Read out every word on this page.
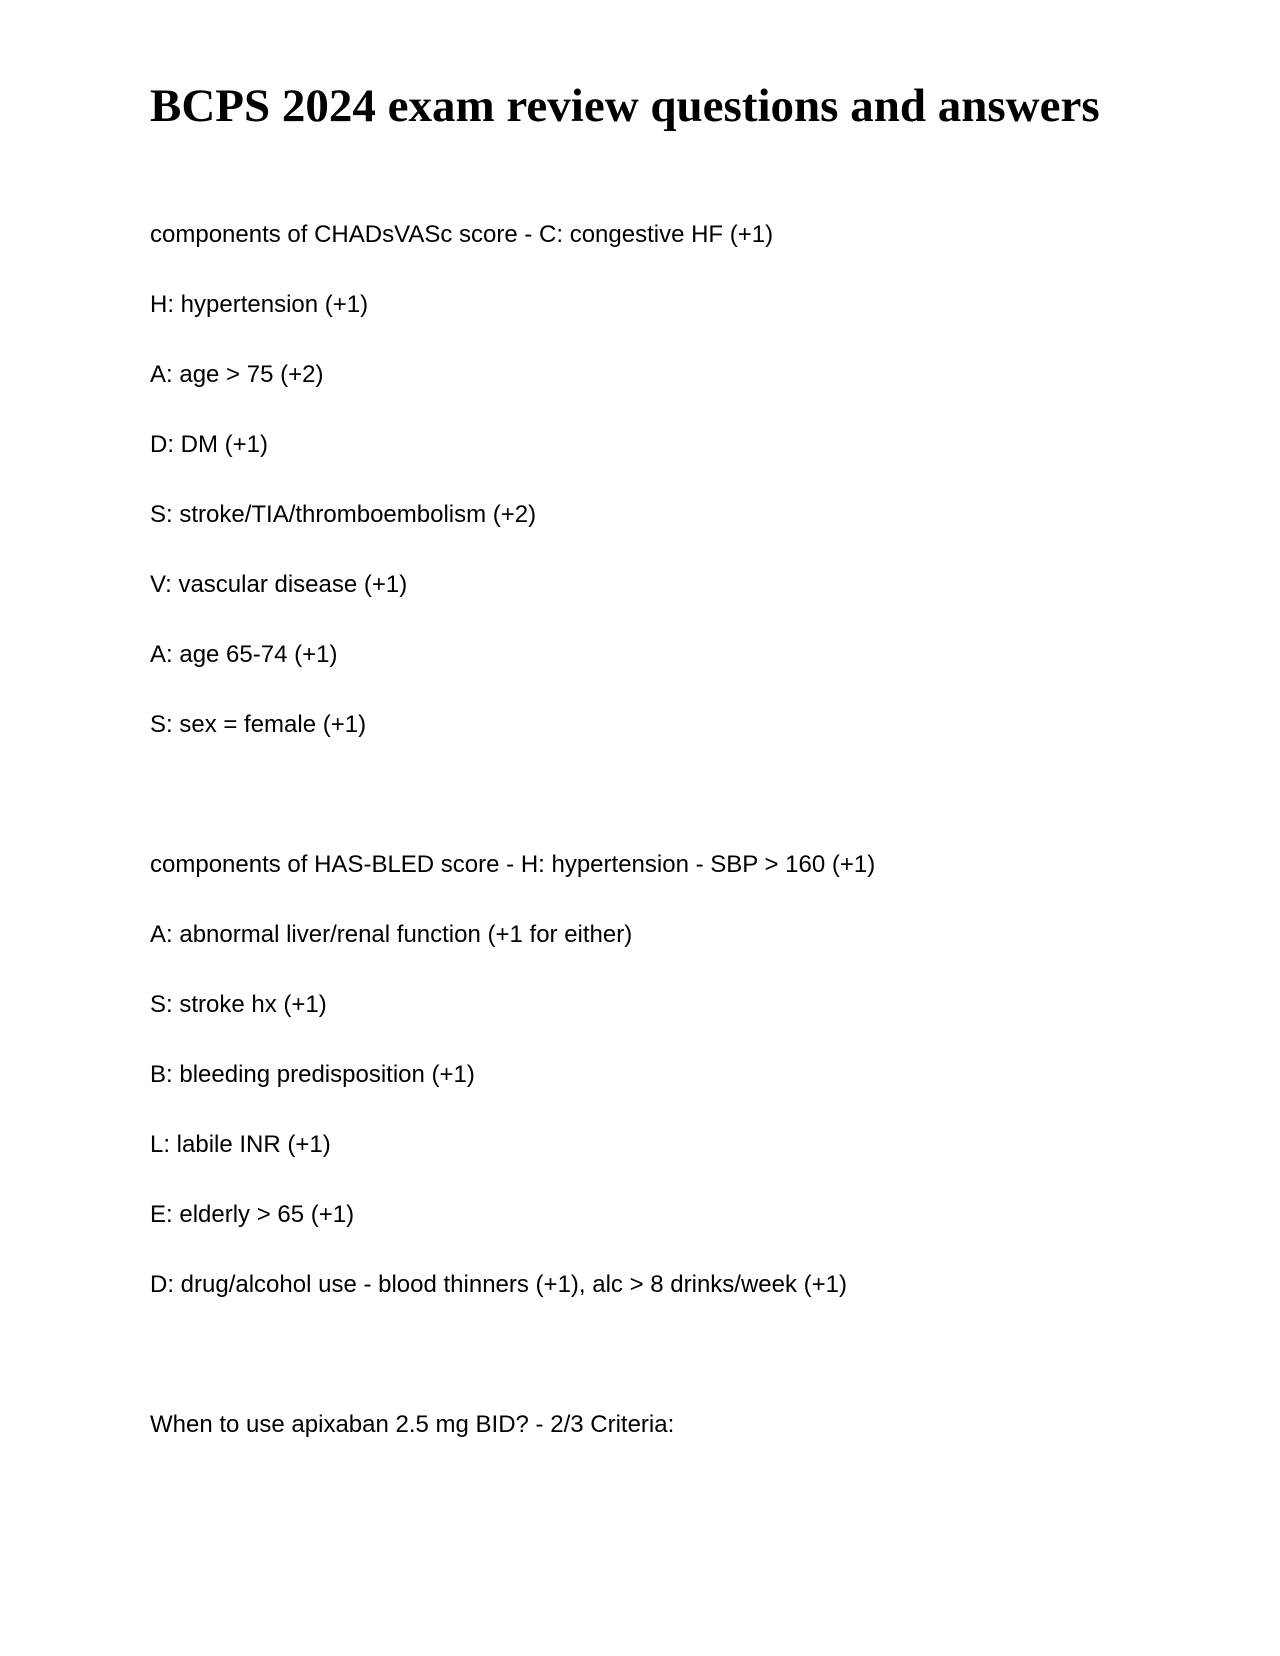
BCPS 2024 exam review questions and answers

components of CHADsVASc score - C: congestive HF (+1)

H: hypertension (+1)

A: age > 75 (+2)

D: DM (+1)

S: stroke/TIA/thromboembolism (+2)

V: vascular disease (+1)

A: age 65-74 (+1)

S: sex = female (+1)

components of HAS-BLED score - H: hypertension - SBP > 160 (+1)

A: abnormal liver/renal function (+1 for either)

S: stroke hx (+1)

B: bleeding predisposition (+1)

L: labile INR (+1)

E: elderly > 65 (+1)

D: drug/alcohol use - blood thinners (+1), alc > 8 drinks/week (+1)

When to use apixaban 2.5 mg BID? - 2/3 Criteria:
